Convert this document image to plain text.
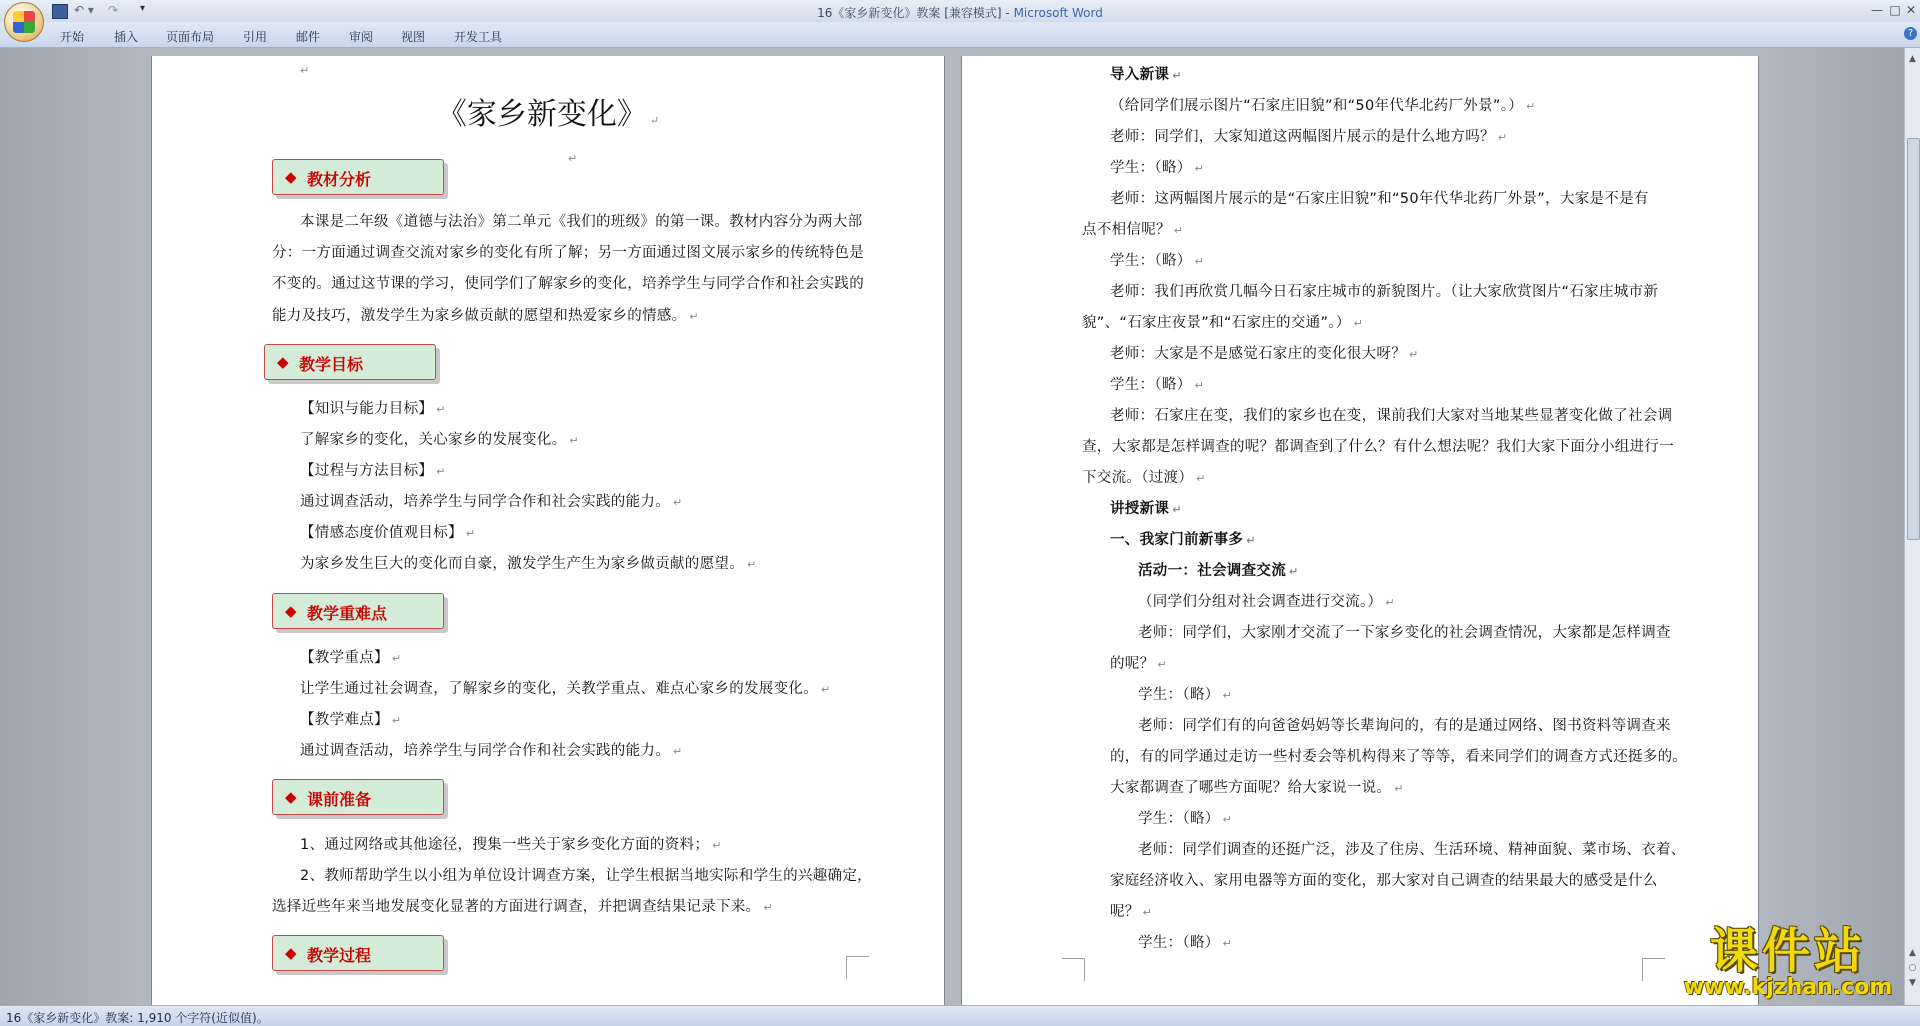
↶ ▾ ↷ ▾	16《家乡新变化》教案 [兼容模式] - Microsoft Word	— □ ✕
开始 插入 页面布局 引用 邮件 审阅 视图 开发工具	?
▲
▲
○
▼
↵
《家乡新变化》 ↵
↵
◆ 教材分析
本课是二年级《道德与法治》第二单元《我们的班级》的第一课。教材内容分为两大部
分：一方面通过调查交流对家乡的变化有所了解；另一方面通过图文展示家乡的传统特色是
不变的。通过这节课的学习，使同学们了解家乡的变化，培养学生与同学合作和社会实践的
能力及技巧，激发学生为家乡做贡献的愿望和热爱家乡的情感。 ↵
◆ 教学目标
【知识与能力目标】 ↵
了解家乡的变化，关心家乡的发展变化。 ↵
【过程与方法目标】 ↵
通过调查活动，培养学生与同学合作和社会实践的能力。 ↵
【情感态度价值观目标】 ↵
为家乡发生巨大的变化而自豪，激发学生产生为家乡做贡献的愿望。 ↵
◆ 教学重难点
【教学重点】 ↵
让学生通过社会调查，了解家乡的变化，关教学重点、难点心家乡的发展变化。 ↵
【教学难点】 ↵
通过调查活动，培养学生与同学合作和社会实践的能力。 ↵
◆ 课前准备
1、通过网络或其他途径，搜集一些关于家乡变化方面的资料； ↵
2、教师帮助学生以小组为单位设计调查方案，让学生根据当地实际和学生的兴趣确定，
选择近些年来当地发展变化显著的方面进行调查，并把调查结果记录下来。 ↵
◆ 教学过程
导入新课 ↵
（给同学们展示图片“石家庄旧貌”和“50年代华北药厂外景”。） ↵
老师：同学们，大家知道这两幅图片展示的是什么地方吗？ ↵
学生：（略） ↵
老师：这两幅图片展示的是“石家庄旧貌”和“50年代华北药厂外景”，大家是不是有
点不相信呢？ ↵
学生：（略） ↵
老师：我们再欣赏几幅今日石家庄城市的新貌图片。（让大家欣赏图片“石家庄城市新
貌”、“石家庄夜景”和“石家庄的交通”。） ↵
老师：大家是不是感觉石家庄的变化很大呀？ ↵
学生：（略） ↵
老师：石家庄在变，我们的家乡也在变，课前我们大家对当地某些显著变化做了社会调
查，大家都是怎样调查的呢？都调查到了什么？有什么想法呢？我们大家下面分小组进行一
下交流。（过渡） ↵
讲授新课 ↵
一、我家门前新事多 ↵
活动一：社会调查交流 ↵
（同学们分组对社会调查进行交流。） ↵
老师：同学们，大家刚才交流了一下家乡变化的社会调查情况，大家都是怎样调查
的呢？ ↵
学生：（略） ↵
老师：同学们有的向爸爸妈妈等长辈询问的，有的是通过网络、图书资料等调查来
的，有的同学通过走访一些村委会等机构得来了等等，看来同学们的调查方式还挺多的。
大家都调查了哪些方面呢？给大家说一说。 ↵
学生：（略） ↵
老师：同学们调查的还挺广泛，涉及了住房、生活环境、精神面貌、菜市场、衣着、
家庭经济收入、家用电器等方面的变化，那大家对自己调查的结果最大的感受是什么
呢？ ↵
学生：（略） ↵	课件站
www.kjzhan.com
16《家乡新变化》教案: 1,910 个字符(近似值)。
